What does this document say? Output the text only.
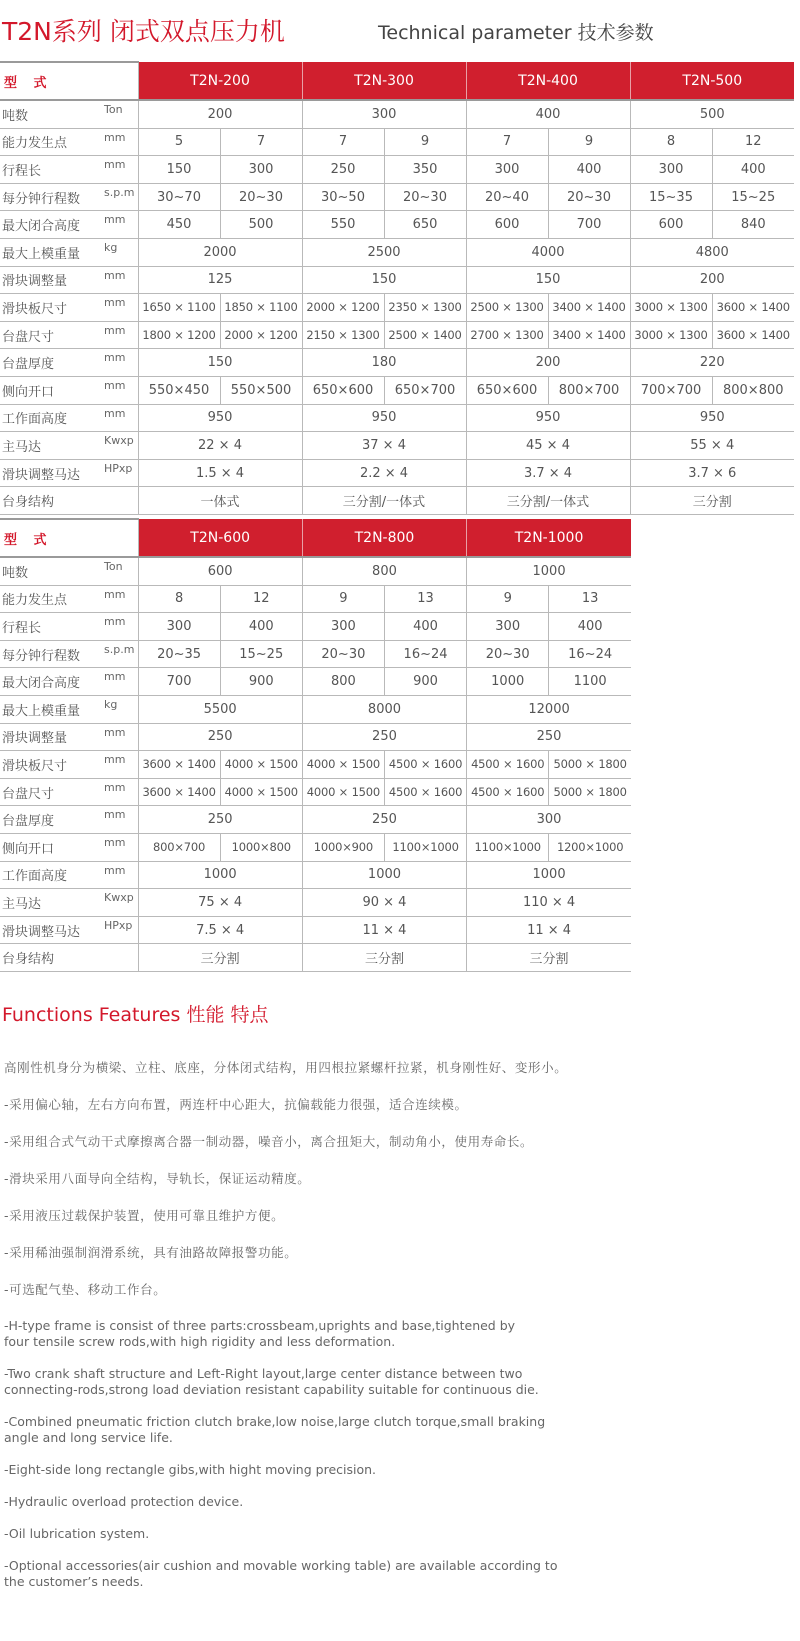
T2N系列 闭式双点压力机	Technical parameter 技术参数
型 式		T2N-200		T2N-300		T2N-400		T2N-500	
吨数	Ton	200		300		400		500	
能力发生点	mm	5	7	7	9	7	9	8	12
行程长	mm	150	300	250	350	300	400	300	400
每分钟行程数	s.p.m	30~70	20~30	30~50	20~30	20~40	20~30	15~35	15~25
最大闭合高度	mm	450	500	550	650	600	700	600	840
最大上模重量	kg	2000		2500		4000		4800	
滑块调整量	mm	125		150		150		200	
滑块板尺寸	mm	1650 × 1100	1850 × 1100	2000 × 1200	2350 × 1300	2500 × 1300	3400 × 1400	3000 × 1300	3600 × 1400
台盘尺寸	mm	1800 × 1200	2000 × 1200	2150 × 1300	2500 × 1400	2700 × 1300	3400 × 1400	3000 × 1300	3600 × 1400
台盘厚度	mm	150		180		200		220	
侧向开口	mm	550×450	550×500	650×600	650×700	650×600	800×700	700×700	800×800
工作面高度	mm	950		950		950		950	
主马达	Kwxp	22 × 4		37 × 4		45 × 4		55 × 4	
滑块调整马达	HPxp	1.5 × 4		2.2 × 4		3.7 × 4		3.7 × 6	
台身结构		一体式		三分割/一体式		三分割/一体式		三分割	
型 式		T2N-600		T2N-800		T2N-1000	
吨数	Ton	600		800		1000	
能力发生点	mm	8	12	9	13	9	13
行程长	mm	300	400	300	400	300	400
每分钟行程数	s.p.m	20~35	15~25	20~30	16~24	20~30	16~24
最大闭合高度	mm	700	900	800	900	1000	1100
最大上模重量	kg	5500		8000		12000	
滑块调整量	mm	250		250		250	
滑块板尺寸	mm	3600 × 1400	4000 × 1500	4000 × 1500	4500 × 1600	4500 × 1600	5000 × 1800
台盘尺寸	mm	3600 × 1400	4000 × 1500	4000 × 1500	4500 × 1600	4500 × 1600	5000 × 1800
台盘厚度	mm	250		250		300	
侧向开口	mm	800×700	1000×800	1000×900	1100×1000	1100×1000	1200×1000
工作面高度	mm	1000		1000		1000	
主马达	Kwxp	75 × 4		90 × 4		110 × 4	
滑块调整马达	HPxp	7.5 × 4		11 × 4		11 × 4	
台身结构		三分割		三分割		三分割	
Functions Features 性能 特点
高刚性机身分为横梁、立柱、底座，分体闭式结构，用四根拉紧螺杆拉紧，机身刚性好、变形小。
-采用偏心轴，左右方向布置，两连杆中心距大，抗偏载能力很强，适合连续模。
-采用组合式气动干式摩擦离合器一制动器，噪音小，离合扭矩大，制动角小，使用寿命长。
-滑块采用八面导向全结构，导轨长，保证运动精度。
-采用液压过载保护装置，使用可靠且维护方便。
-采用稀油强制润滑系统，具有油路故障报警功能。
-可选配气垫、移动工作台。
-H-type frame is consist of three parts:crossbeam,uprights and base,tightened by
four tensile screw rods,with high rigidity and less deformation.
-Two crank shaft structure and Left-Right layout,large center distance between two
connecting-rods,strong load deviation resistant capability suitable for continuous die.
-Combined pneumatic friction clutch brake,low noise,large clutch torque,small braking
angle and long service life.
-Eight-side long rectangle gibs,with hight moving precision.
-Hydraulic overload protection device.
-Oil lubrication system.
-Optional accessories(air cushion and movable working table) are available according to
the customer’s needs.
